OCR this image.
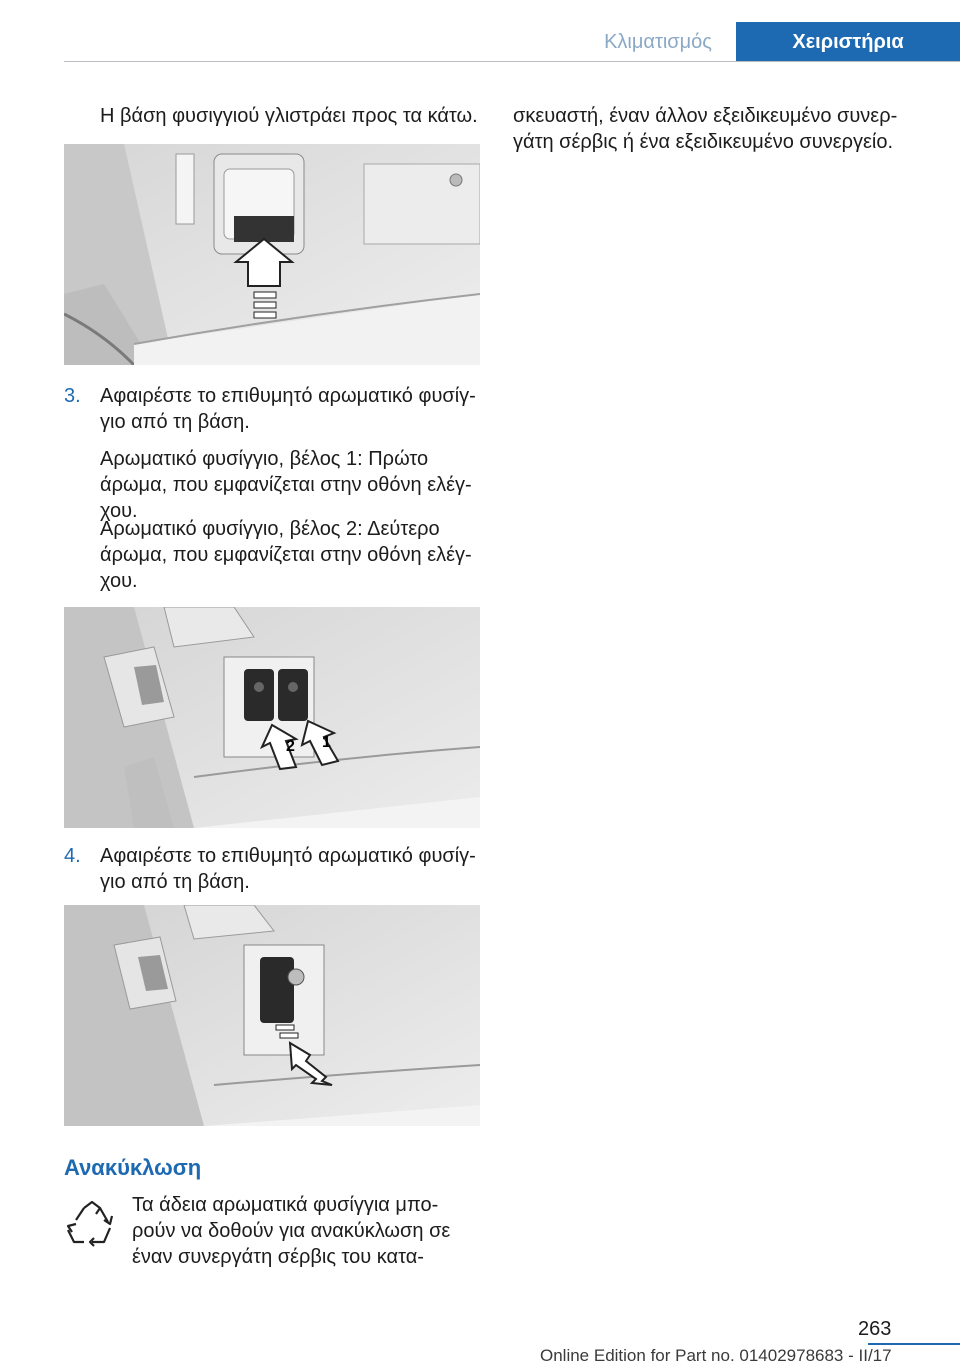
Κλιματισμός	Χειριστήρια
Η βάση φυσιγγιού γλιστράει προς τα κάτω.
3. Αφαιρέστε το επιθυμητό αρωματικό φυσίγ‐
γιο από τη βάση.
Αρωματικό φυσίγγιο, βέλος 1: Πρώτο
άρωμα, που εμφανίζεται στην οθόνη ελέγ‐
χου.
Αρωματικό φυσίγγιο, βέλος 2: Δεύτερο
άρωμα, που εμφανίζεται στην οθόνη ελέγ‐
χου.
2 1
4. Αφαιρέστε το επιθυμητό αρωματικό φυσίγ‐
γιο από τη βάση.
Ανακύκλωση
Τα άδεια αρωματικά φυσίγγια μπο‐
ρούν να δοθούν για ανακύκλωση σε
έναν συνεργάτη σέρβις του κατα‐
σκευαστή, έναν άλλον εξειδικευμένο συνερ‐
γάτη σέρβις ή ένα εξειδικευμένο συνεργείο.
263
Online Edition for Part no. 01402978683 - II/17
